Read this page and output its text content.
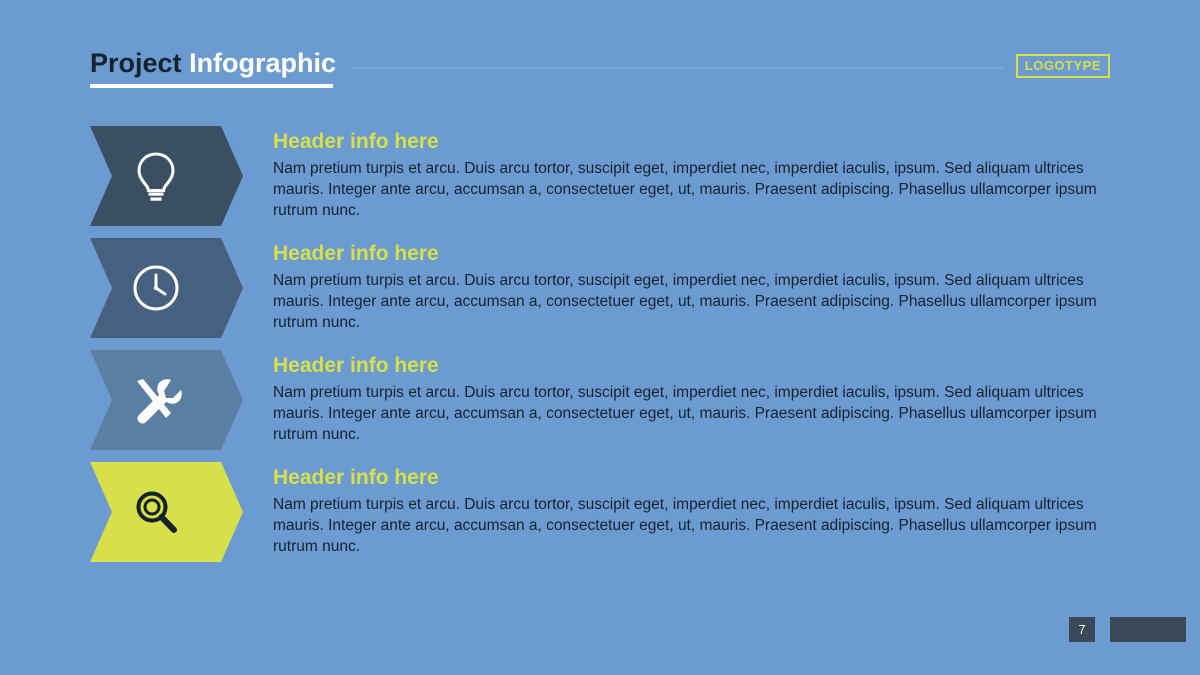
Project Infographic	LOGOTYPE

Header info here

Nam pretium turpis et arcu. Duis arcu tortor, suscipit eget, imperdiet nec, imperdiet iaculis, ipsum. Sed aliquam ultrices mauris. Integer ante arcu, accumsan a, consectetuer eget, ut, mauris. Praesent adipiscing. Phasellus ullamcorper ipsum rutrum nunc.

Header info here

Nam pretium turpis et arcu. Duis arcu tortor, suscipit eget, imperdiet nec, imperdiet iaculis, ipsum. Sed aliquam ultrices mauris. Integer ante arcu, accumsan a, consectetuer eget, ut, mauris. Praesent adipiscing. Phasellus ullamcorper ipsum rutrum nunc.

Header info here

Nam pretium turpis et arcu. Duis arcu tortor, suscipit eget, imperdiet nec, imperdiet iaculis, ipsum. Sed aliquam ultrices mauris. Integer ante arcu, accumsan a, consectetuer eget, ut, mauris. Praesent adipiscing. Phasellus ullamcorper ipsum rutrum nunc.

Header info here

Nam pretium turpis et arcu. Duis arcu tortor, suscipit eget, imperdiet nec, imperdiet iaculis, ipsum. Sed aliquam ultrices mauris. Integer ante arcu, accumsan a, consectetuer eget, ut, mauris. Praesent adipiscing. Phasellus ullamcorper ipsum rutrum nunc.

7
